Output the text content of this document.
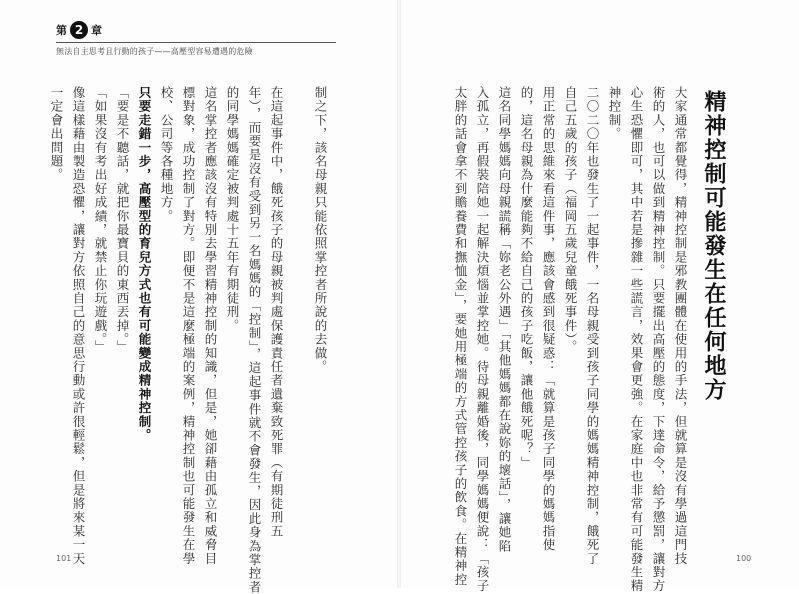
第 2 章
無法自主思考且行動的孩子——高壓型容易遭遇的危險
精神控制可能發生在任何地方
大家通常都覺得，精神控制是邪教團體在使用的手法，但就算是沒有學過這門技
術的人，也可以做到精神控制。只要擺出高壓的態度，下達命令，給予懲罰，讓對方
心生恐懼即可，其中若是摻雜一些謊言，效果會更強。在家庭中也非常有可能發生精
神控制。
二〇二〇年也發生了一起事件，一名母親受到孩子同學的媽媽精神控制，餓死了
自己五歲的孩子（福岡五歲兒童餓死事件）。
用正常的思維來看這件事，應該會感到很疑惑：「就算是孩子同學的媽媽指使
的，這名母親為什麼能夠不給自己的孩子吃飯，讓他餓死呢？」
這名同學媽媽向母親謊稱「妳老公外遇」「其他媽媽都在說妳的壞話」，讓她陷
入孤立，再假裝陪她一起解決煩惱並掌控她。待母親離婚後，同學媽媽便說：「孩子
太胖的話會拿不到贍養費和撫恤金」，要她用極端的方式管控孩子的飲食。在精神控
制之下，該名母親只能依照掌控者所說的去做。
在這起事件中，餓死孩子的母親被判處保護責任者遺棄致死罪（有期徒刑五
年），而要是沒有受到另一名媽媽的「控制」，這起事件就不會發生，因此身為掌控者
的同學媽媽確定被判處十五年有期徒刑。
這名掌控者應該沒有特別去學習精神控制的知識，但是，她卻藉由孤立和威脅目
標對象，成功控制了對方。即便不是這麼極端的案例，精神控制也可能發生在學
校、公司等各種地方。
只要走錯一步，高壓型的育兒方式也有可能變成精神控制。
「要是不聽話，就把你最寶貝的東西丟掉。」
「如果沒有考出好成績，就禁止你玩遊戲。」
像這樣藉由製造恐懼，讓對方依照自己的意思行動或許很輕鬆，但是將來某一天
一定會出問題。
101	100
